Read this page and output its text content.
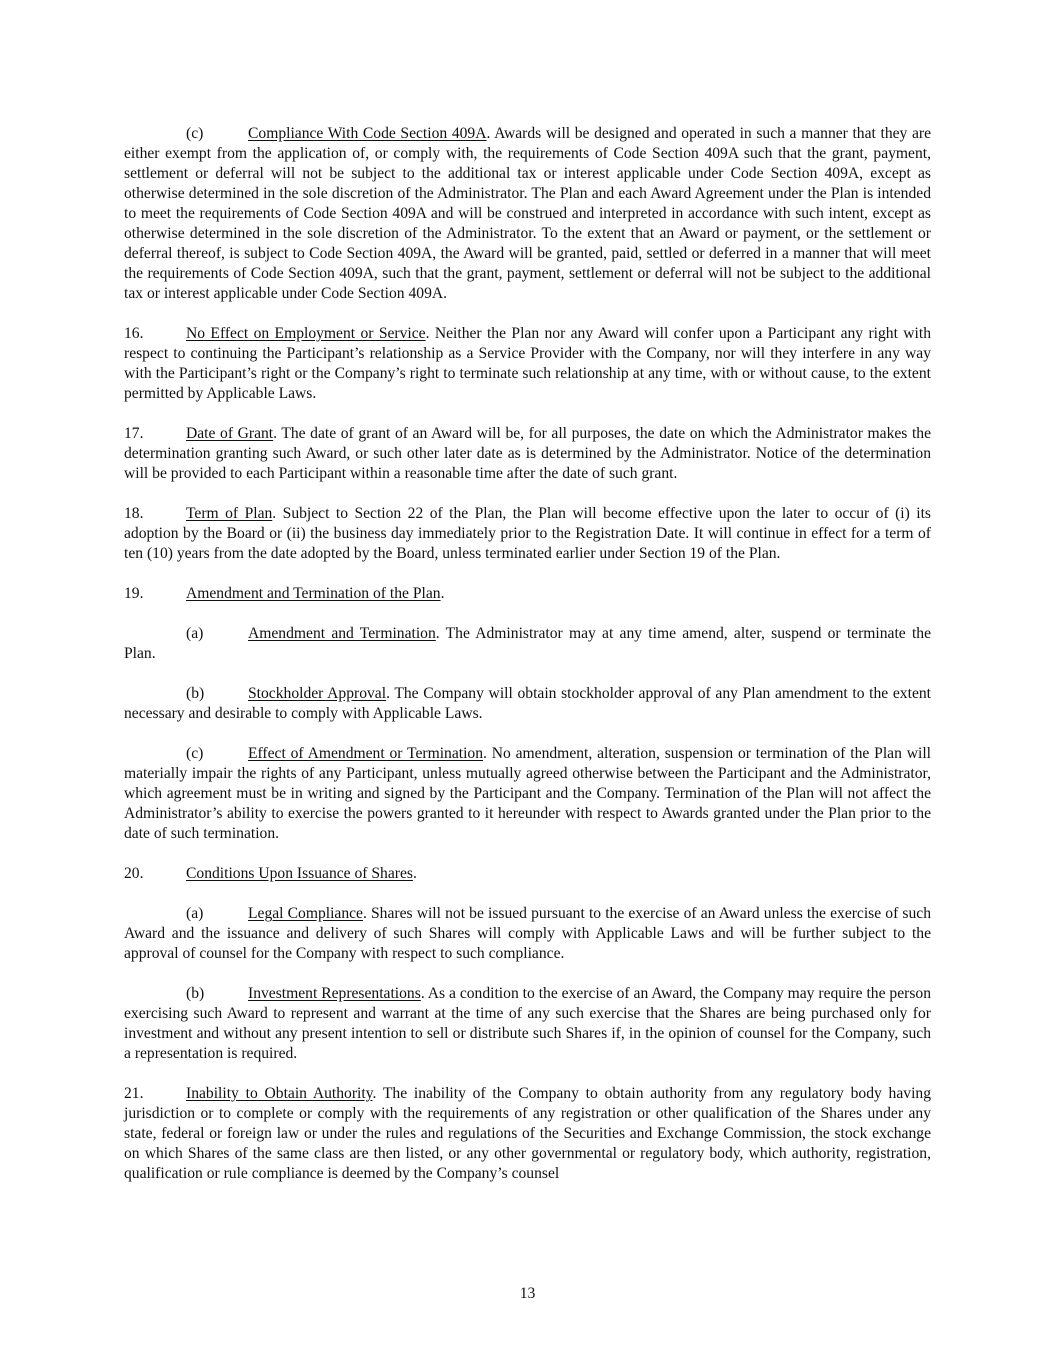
(c)	Compliance With Code Section 409A. Awards will be designed and operated in such a manner that they are either exempt from the application of, or comply with, the requirements of Code Section 409A such that the grant, payment, settlement or deferral will not be subject to the additional tax or interest applicable under Code Section 409A, except as otherwise determined in the sole discretion of the Administrator. The Plan and each Award Agreement under the Plan is intended to meet the requirements of Code Section 409A and will be construed and interpreted in accordance with such intent, except as otherwise determined in the sole discretion of the Administrator. To the extent that an Award or payment, or the settlement or deferral thereof, is subject to Code Section 409A, the Award will be granted, paid, settled or deferred in a manner that will meet the requirements of Code Section 409A, such that the grant, payment, settlement or deferral will not be subject to the additional tax or interest applicable under Code Section 409A.

16.	No Effect on Employment or Service. Neither the Plan nor any Award will confer upon a Participant any right with respect to continuing the Participant’s relationship as a Service Provider with the Company, nor will they interfere in any way with the Participant’s right or the Company’s right to terminate such relationship at any time, with or without cause, to the extent permitted by Applicable Laws.

17.	Date of Grant. The date of grant of an Award will be, for all purposes, the date on which the Administrator makes the determination granting such Award, or such other later date as is determined by the Administrator. Notice of the determination will be provided to each Participant within a reasonable time after the date of such grant.

18.	Term of Plan. Subject to Section 22 of the Plan, the Plan will become effective upon the later to occur of (i) its adoption by the Board or (ii) the business day immediately prior to the Registration Date. It will continue in effect for a term of ten (10) years from the date adopted by the Board, unless terminated earlier under Section 19 of the Plan.

19.	Amendment and Termination of the Plan.

(a)	Amendment and Termination. The Administrator may at any time amend, alter, suspend or terminate the Plan.

(b)	Stockholder Approval. The Company will obtain stockholder approval of any Plan amendment to the extent necessary and desirable to comply with Applicable Laws.

(c)	Effect of Amendment or Termination. No amendment, alteration, suspension or termination of the Plan will materially impair the rights of any Participant, unless mutually agreed otherwise between the Participant and the Administrator, which agreement must be in writing and signed by the Participant and the Company. Termination of the Plan will not affect the Administrator’s ability to exercise the powers granted to it hereunder with respect to Awards granted under the Plan prior to the date of such termination.

20.	Conditions Upon Issuance of Shares.

(a)	Legal Compliance. Shares will not be issued pursuant to the exercise of an Award unless the exercise of such Award and the issuance and delivery of such Shares will comply with Applicable Laws and will be further subject to the approval of counsel for the Company with respect to such compliance.

(b)	Investment Representations. As a condition to the exercise of an Award, the Company may require the person exercising such Award to represent and warrant at the time of any such exercise that the Shares are being purchased only for investment and without any present intention to sell or distribute such Shares if, in the opinion of counsel for the Company, such a representation is required.

21.	Inability to Obtain Authority. The inability of the Company to obtain authority from any regulatory body having jurisdiction or to complete or comply with the requirements of any registration or other qualification of the Shares under any state, federal or foreign law or under the rules and regulations of the Securities and Exchange Commission, the stock exchange on which Shares of the same class are then listed, or any other governmental or regulatory body, which authority, registration, qualification or rule compliance is deemed by the Company’s counsel

13
